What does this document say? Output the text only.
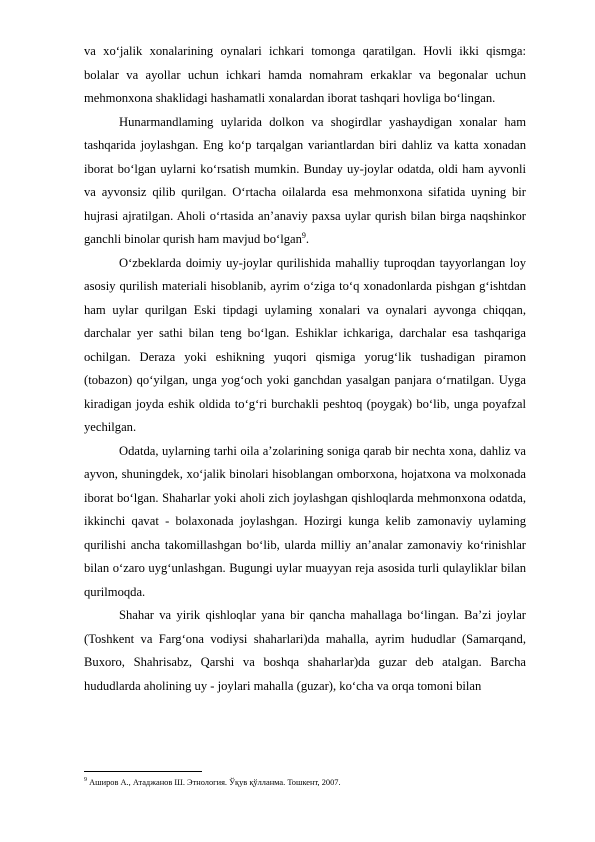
va xo‘jalik xonalarining oynalari ichkari tomonga qaratilgan. Hovli ikki qismga: bolalar va ayollar uchun ichkari hamda nomahram erkaklar va begonalar uchun mehmonxona shaklidagi hashamatli xonalardan iborat tashqari hovliga bo‘lingan.

Hunarmandlaming uylarida dolkon va shogirdlar yashaydigan xonalar ham tashqarida joylashgan. Eng ko‘p tarqalgan variantlardan biri dahliz va katta xonadan iborat bo‘lgan uylarni ko‘rsatish mumkin. Bunday uy-joylar odatda, oldi ham ayvonli va ayvonsiz qilib qurilgan. O‘rtacha oilalarda esa mehmonxona sifatida uyning bir hujrasi ajratilgan. Aholi o‘rtasida an’anaviy paxsa uylar qurish bilan birga naqshinkor ganchli binolar qurish ham mavjud bo‘lgan$^9$.

O‘zbeklarda doimiy uy-joylar qurilishida mahalliy tuproqdan tayyorlangan loy asosiy qurilish materiali hisoblanib, ayrim o‘ziga to‘q xonadonlarda pishgan g‘ishtdan ham uylar qurilgan Eski tipdagi uylaming xonalari va oynalari ayvonga chiqqan, darchalar yer sathi bilan teng bo‘lgan. Eshiklar ichkariga, darchalar esa tashqariga ochilgan. Deraza yoki eshikning yuqori qismiga yorug‘lik tushadigan piramon (tobazon) qo‘yilgan, unga yog‘och yoki ganchdan yasalgan panjara o‘rnatilgan. Uyga kiradigan joyda eshik oldida to‘g‘ri burchakli peshtoq (poygak) bo‘lib, unga poyafzal yechilgan.

Odatda, uylarning tarhi oila a’zolarining soniga qarab bir nechta xona, dahliz va ayvon, shuningdek, xo‘jalik binolari hisoblangan omborxona, hojatxona va molxonada iborat bo‘lgan. Shaharlar yoki aholi zich joylashgan qishloqlarda mehmonxona odatda, ikkinchi qavat - bolaxonada joylashgan. Hozirgi kunga kelib zamonaviy uylaming qurilishi ancha takomillashgan bo‘lib, ularda milliy an’analar zamonaviy ko‘rinishlar bilan o‘zaro uyg‘unlashgan. Bugungi uylar muayyan reja asosida turli qulayliklar bilan qurilmoqda.

Shahar va yirik qishloqlar yana bir qancha mahallaga bo‘lingan. Ba’zi joylar (Toshkent va Farg‘ona vodiysi shaharlari)da mahalla, ayrim hududlar (Samarqand, Buxoro, Shahrisabz, Qarshi va boshqa shaharlar)da guzar deb atalgan. Barcha hududlarda aholining uy - joylari mahalla (guzar), ko‘cha va orqa tomoni bilan

$^9$ Аширов А., Атаджанов Ш. Этнология. Ўқув қўлланма. Тошкент, 2007.
